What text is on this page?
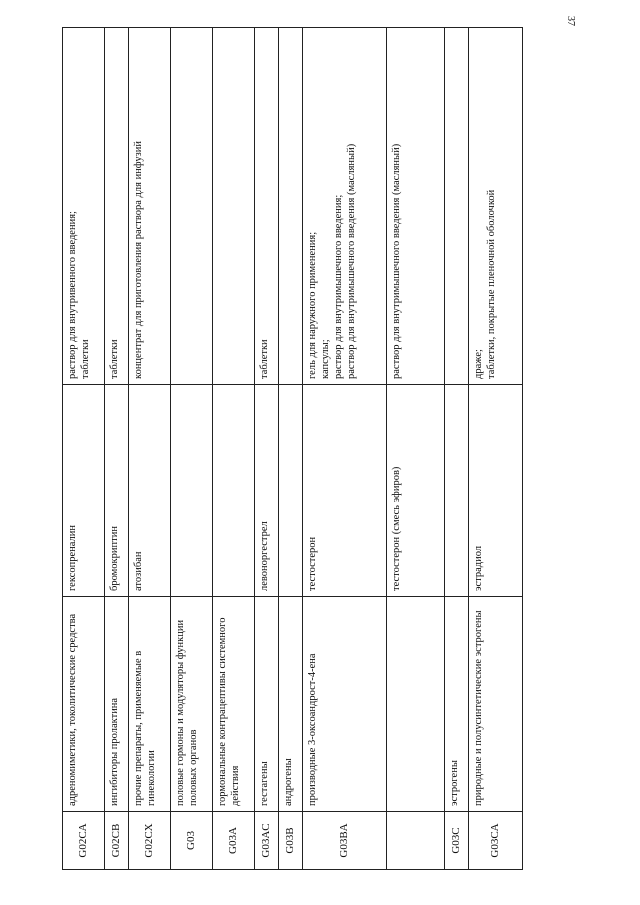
37
G02CA	адреномиметики, токолитические средства	гексопреналин	раствор для внутривенного введения; таблетки

G02CB	ингибиторы пролактина	бромокриптин	таблетки

G02CX	прочие препараты, применяемые в гинекологии	атозибан	концентрат для приготовления раствора для инфузий

G03	половые гормоны и модуляторы функции половых органов		
G03A	гормональные контрацептивы системного действия		
G03AC	гестагены	левоноргестрел	таблетки

G03B	андрогены		
G03BA	производные 3-оксоандрост-4-ена	тестостерон	гель для наружного применения; капсулы; раствор для внутримышечного введения; раствор для внутримышечного введения (масляный)

		тестостерон (смесь эфиров)	раствор для внутримышечного введения (масляный)

G03C	эстрогены		
G03CA	природные и полусинтетические эстрогены	эстрадиол	драже; таблетки, покрытые пленочной оболочкой
